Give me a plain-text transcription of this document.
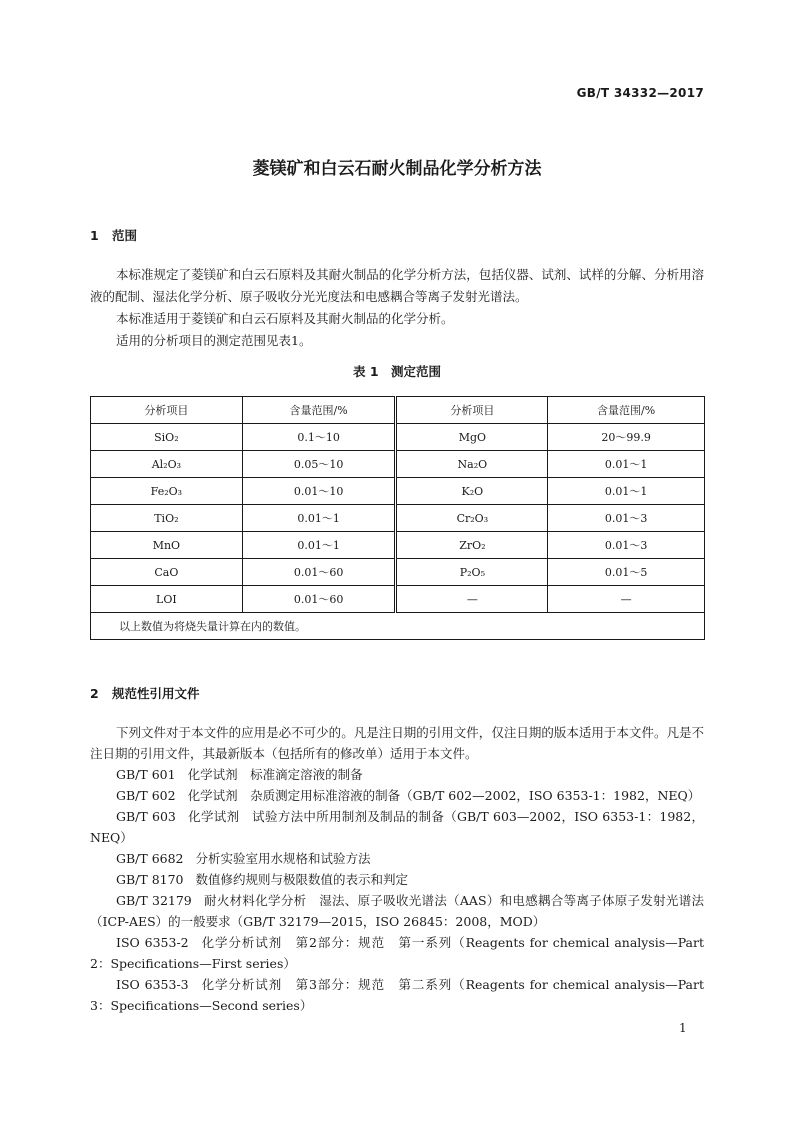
GB/T 34332—2017
菱镁矿和白云石耐火制品化学分析方法
1 范围
本标准规定了菱镁矿和白云石原料及其耐火制品的化学分析方法，包括仪器、试剂、试样的分解、分析用溶液的配制、湿法化学分析、原子吸收分光光度法和电感耦合等离子发射光谱法。
本标准适用于菱镁矿和白云石原料及其耐火制品的化学分析。
适用的分析项目的测定范围见表1。
表 1　测定范围
分析项目	含量范围/%	分析项目	含量范围/%
SiO₂	0.1～10	MgO	20～99.9
Al₂O₃	0.05～10	Na₂O	0.01～1
Fe₂O₃	0.01～10	K₂O	0.01～1
TiO₂	0.01～1	Cr₂O₃	0.01～3
MnO	0.01～1	ZrO₂	0.01～3
CaO	0.01～60	P₂O₅	0.01～5
LOI	0.01～60	—	—
以上数值为将烧失量计算在内的数值。			
2 规范性引用文件
下列文件对于本文件的应用是必不可少的。凡是注日期的引用文件，仅注日期的版本适用于本文件。凡是不注日期的引用文件，其最新版本（包括所有的修改单）适用于本文件。
GB/T 601 化学试剂　标准滴定溶液的制备
GB/T 602 化学试剂　杂质测定用标准溶液的制备（GB/T 602—2002，ISO 6353-1：1982，NEQ）
GB/T 603 化学试剂　试验方法中所用制剂及制品的制备（GB/T 603—2002，ISO 6353-1：1982，NEQ）
GB/T 6682 分析实验室用水规格和试验方法
GB/T 8170 数值修约规则与极限数值的表示和判定
GB/T 32179 耐火材料化学分析　湿法、原子吸收光谱法（AAS）和电感耦合等离子体原子发射光谱法（ICP-AES）的一般要求（GB/T 32179—2015，ISO 26845：2008，MOD）
ISO 6353-2 化学分析试剂　第2部分：规范　第一系列（Reagents for chemical analysis—Part 2：Specifications—First series）
ISO 6353-3 化学分析试剂　第3部分：规范　第二系列（Reagents for chemical analysis—Part 3：Specifications—Second series）
1
